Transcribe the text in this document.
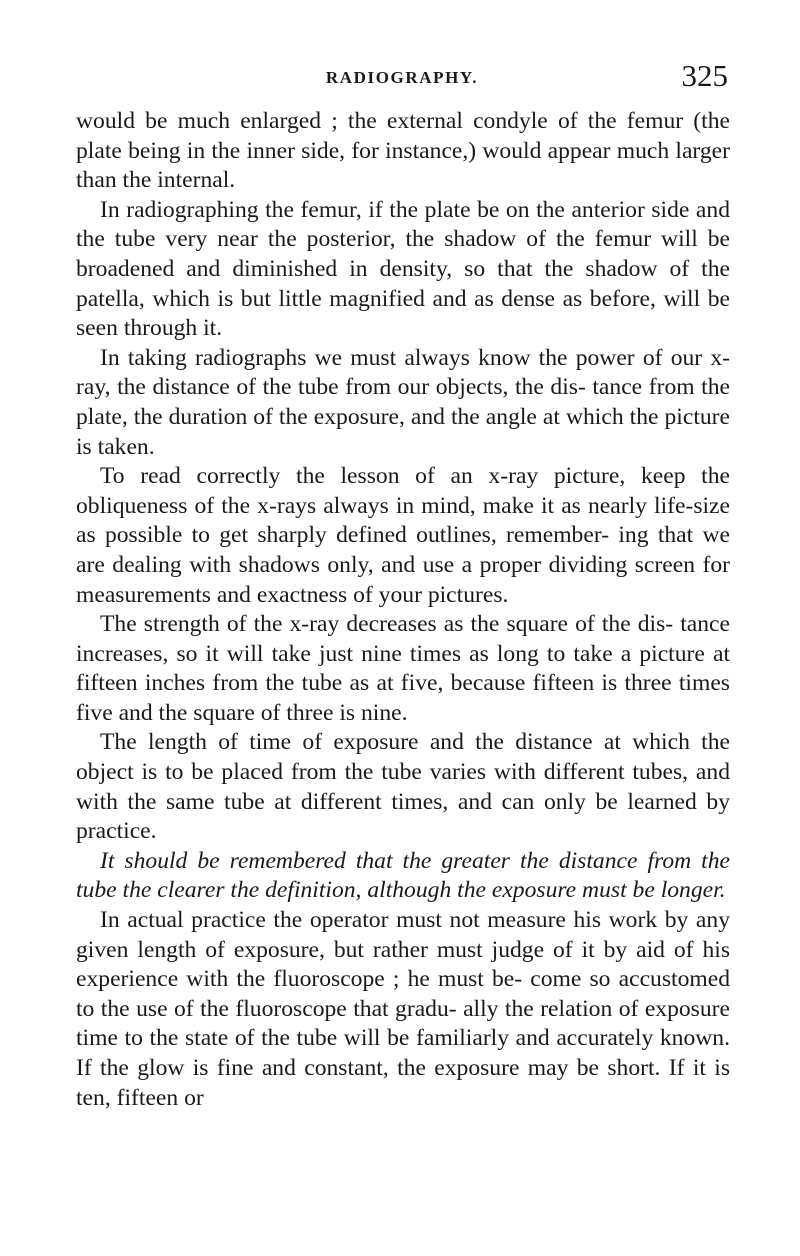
RADIOGRAPHY.	325

would be much enlarged ; the external condyle of the femur (the plate being in the inner side, for instance,) would appear much larger than the internal.

In radiographing the femur, if the plate be on the anterior side and the tube very near the posterior, the shadow of the femur will be broadened and diminished in density, so that the shadow of the patella, which is but little magnified and as dense as before, will be seen through it.

In taking radiographs we must always know the power of our x-ray, the distance of the tube from our objects, the dis- tance from the plate, the duration of the exposure, and the angle at which the picture is taken.

To read correctly the lesson of an x-ray picture, keep the obliqueness of the x-rays always in mind, make it as nearly life-size as possible to get sharply defined outlines, remember- ing that we are dealing with shadows only, and use a proper dividing screen for measurements and exactness of your pictures.

The strength of the x-ray decreases as the square of the dis- tance increases, so it will take just nine times as long to take a picture at fifteen inches from the tube as at five, because fifteen is three times five and the square of three is nine.

The length of time of exposure and the distance at which the object is to be placed from the tube varies with different tubes, and with the same tube at different times, and can only be learned by practice.

It should be remembered that the greater the distance from the tube the clearer the definition, although the exposure must be longer.

In actual practice the operator must not measure his work by any given length of exposure, but rather must judge of it by aid of his experience with the fluoroscope ; he must be- come so accustomed to the use of the fluoroscope that gradu- ally the relation of exposure time to the state of the tube will be familiarly and accurately known. If the glow is fine and constant, the exposure may be short. If it is ten, fifteen or
